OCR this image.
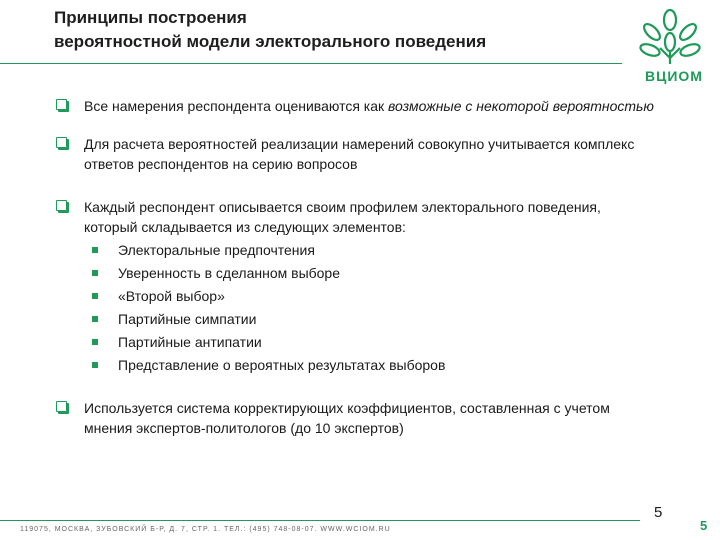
Принципы построения
вероятностной модели электорального поведения
ВЦИОМ
Все намерения респондента оцениваются как возможные с некоторой вероятностью
Для расчета вероятностей реализации намерений совокупно учитывается комплекс ответов респондентов на серию вопросов
Каждый респондент описывается своим профилем электорального поведения, который складывается из следующих элементов:
Электоральные предпочтения
Уверенность в сделанном выборе
«Второй выбор»
Партийные симпатии
Партийные антипатии
Представление о вероятных результатах выборов
Используется система корректирующих коэффициентов, составленная с учетом мнения экспертов-политологов (до 10 экспертов)
119075, МОСКВА, ЗУБОВСКИЙ Б-Р, Д. 7, СТР. 1. ТЕЛ.: (495) 748-08-07. WWW.WCIOM.RU
5
5
